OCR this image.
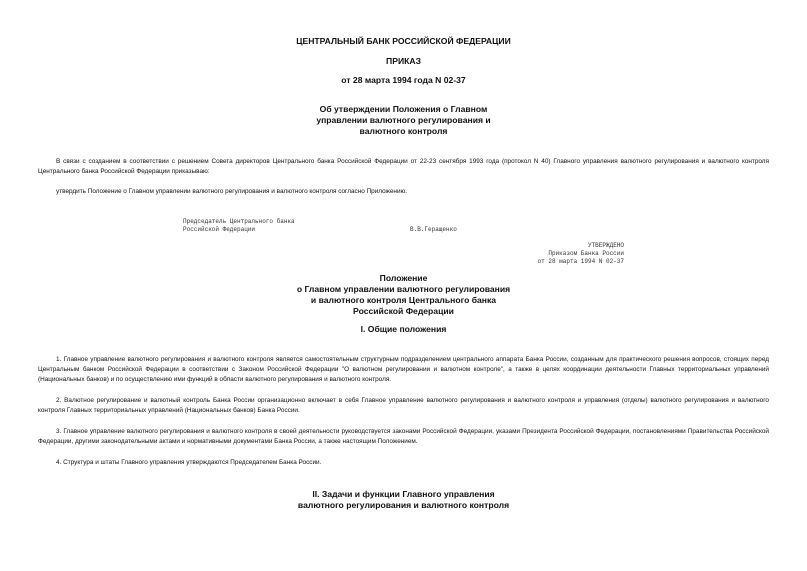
ЦЕНТРАЛЬНЫЙ БАНК РОССИЙСКОЙ ФЕДЕРАЦИИ
ПРИКАЗ
от 28 марта 1994 года N 02-37
Об утверждении Положения о Главном
управлении валютного регулирования и
валютного контроля
В связи с созданием в соответствии с решением Совета директоров Центрального банка Российской Федерации от 22-23 сентября 1993 года (протокол N 40) Главного управления валютного регулирования и валютного контроля Центрального банка Российской Федерации приказываю:
утвердить Положение о Главном управлении валютного регулирования и валютного контроля согласно Приложению.
Председатель Центрального банка
Российской Федерации	В.В.Геращенко
УТВЕРЖДЕНО
Приказом Банка России
от 28 марта 1994 N 02-37
Положение
о Главном управлении валютного регулирования
и валютного контроля Центрального банка
Российской Федерации
I. Общие положения
1. Главное управление валютного регулирования и валютного контроля является самостоятельным структурным подразделением центрального аппарата Банка России, созданным для практического решения вопросов, стоящих перед Центральным банком Российской Федерации в соответствии с Законом Российской Федерации "О валютном регулировании и валютном контроле", а также в целях координации деятельности Главных территориальных управлений (Национальных банков) и по осуществлению ими функций в области валютного регулирования и валютного контроля.
2. Валютное регулирование и валютный контроль Банка России организационно включает в себя Главное управление валютного регулирования и валютного контроля и управления (отделы) валютного регулирования и валютного контроля Главных территориальных управлений (Национальных банков) Банка России.
3. Главное управление валютного регулирования и валютного контроля в своей деятельности руководствуется законами Российской Федерации, указами Президента Российской Федерации, постановлениями Правительства Российской Федерации, другими законодательными актами и нормативными документами Банка России, а также настоящим Положением.
4. Структура и штаты Главного управления утверждаются Председателем Банка России.
II. Задачи и функции Главного управления
валютного регулирования и валютного контроля
